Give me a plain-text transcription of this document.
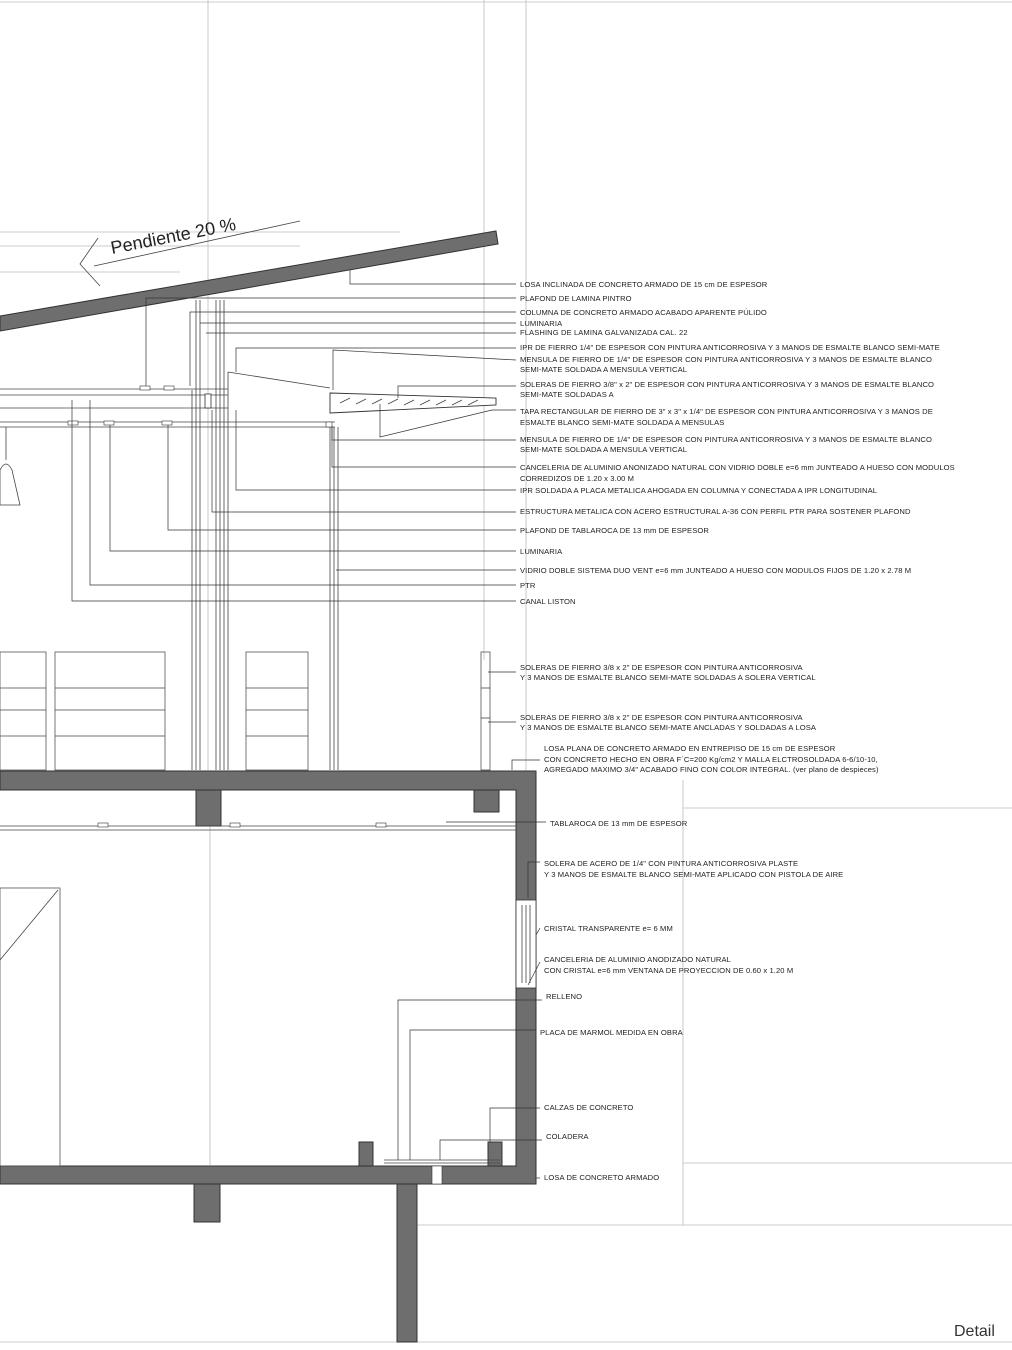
Pendiente 20 %
LOSA INCLINADA DE CONCRETO ARMADO DE 15 cm DE ESPESOR
PLAFOND DE LAMINA PINTRO
COLUMNA DE CONCRETO ARMADO ACABADO APARENTE PÚLIDO
LUMINARIA
FLASHING DE LAMINA GALVANIZADA CAL. 22
IPR DE FIERRO 1/4" DE ESPESOR CON PINTURA ANTICORROSIVA Y 3 MANOS DE ESMALTE BLANCO SEMI-MATE
MENSULA DE FIERRO DE 1/4" DE ESPESOR CON PINTURA ANTICORROSIVA Y 3 MANOS DE ESMALTE BLANCO
SEMI-MATE SOLDADA A MENSULA VERTICAL
SOLERAS DE FIERRO 3/8" x 2" DE ESPESOR CON PINTURA ANTICORROSIVA Y 3 MANOS DE ESMALTE BLANCO
SEMI-MATE SOLDADAS A
TAPA RECTANGULAR DE FIERRO DE 3" x 3" x 1/4" DE ESPESOR CON PINTURA ANTICORROSIVA Y 3 MANOS DE
ESMALTE BLANCO SEMI-MATE SOLDADA A MENSULAS
MENSULA DE FIERRO DE 1/4" DE ESPESOR CON PINTURA ANTICORROSIVA Y 3 MANOS DE ESMALTE BLANCO
SEMI-MATE SOLDADA A MENSULA VERTICAL
CANCELERIA DE ALUMINIO ANONIZADO NATURAL CON VIDRIO DOBLE e=6 mm JUNTEADO A HUESO CON MODULOS
CORREDIZOS DE 1.20 x 3.00 M
IPR SOLDADA A PLACA METALICA AHOGADA EN COLUMNA Y CONECTADA A IPR LONGITUDINAL
ESTRUCTURA METALICA CON ACERO ESTRUCTURAL A-36 CON PERFIL PTR PARA SOSTENER PLAFOND
PLAFOND DE TABLAROCA DE 13 mm DE ESPESOR
LUMINARIA
VIDRIO DOBLE SISTEMA DUO VENT e=6 mm JUNTEADO A HUESO CON MODULOS FIJOS DE 1.20 x 2.78 M
PTR
CANAL LISTON
SOLERAS DE FIERRO 3/8 x 2" DE ESPESOR CON PINTURA ANTICORROSIVA
Y 3 MANOS DE ESMALTE BLANCO SEMI-MATE SOLDADAS A SOLERA VERTICAL
SOLERAS DE FIERRO 3/8 x 2" DE ESPESOR CON PINTURA ANTICORROSIVA
Y 3 MANOS DE ESMALTE BLANCO SEMI-MATE ANCLADAS Y SOLDADAS A LOSA
LOSA PLANA DE CONCRETO ARMADO EN ENTREPISO DE 15 cm DE ESPESOR
CON CONCRETO HECHO EN OBRA F´C=200 Kg/cm2 Y MALLA ELCTROSOLDADA 6-6/10-10,
AGREGADO MAXIMO 3/4" ACABADO FINO CON COLOR INTEGRAL. (ver plano de despieces)
TABLAROCA DE 13 mm DE ESPESOR
SOLERA DE ACERO DE 1/4" CON PINTURA ANTICORROSIVA PLASTE
Y 3 MANOS DE ESMALTE BLANCO SEMI-MATE APLICADO CON PISTOLA DE AIRE
CRISTAL TRANSPARENTE e= 6 MM
CANCELERIA DE ALUMINIO ANODIZADO NATURAL
CON CRISTAL e=6 mm VENTANA DE PROYECCION DE 0.60 x 1.20 M
RELLENO
PLACA DE MARMOL MEDIDA EN OBRA
CALZAS DE CONCRETO
COLADERA
LOSA DE CONCRETO ARMADO
Detail
